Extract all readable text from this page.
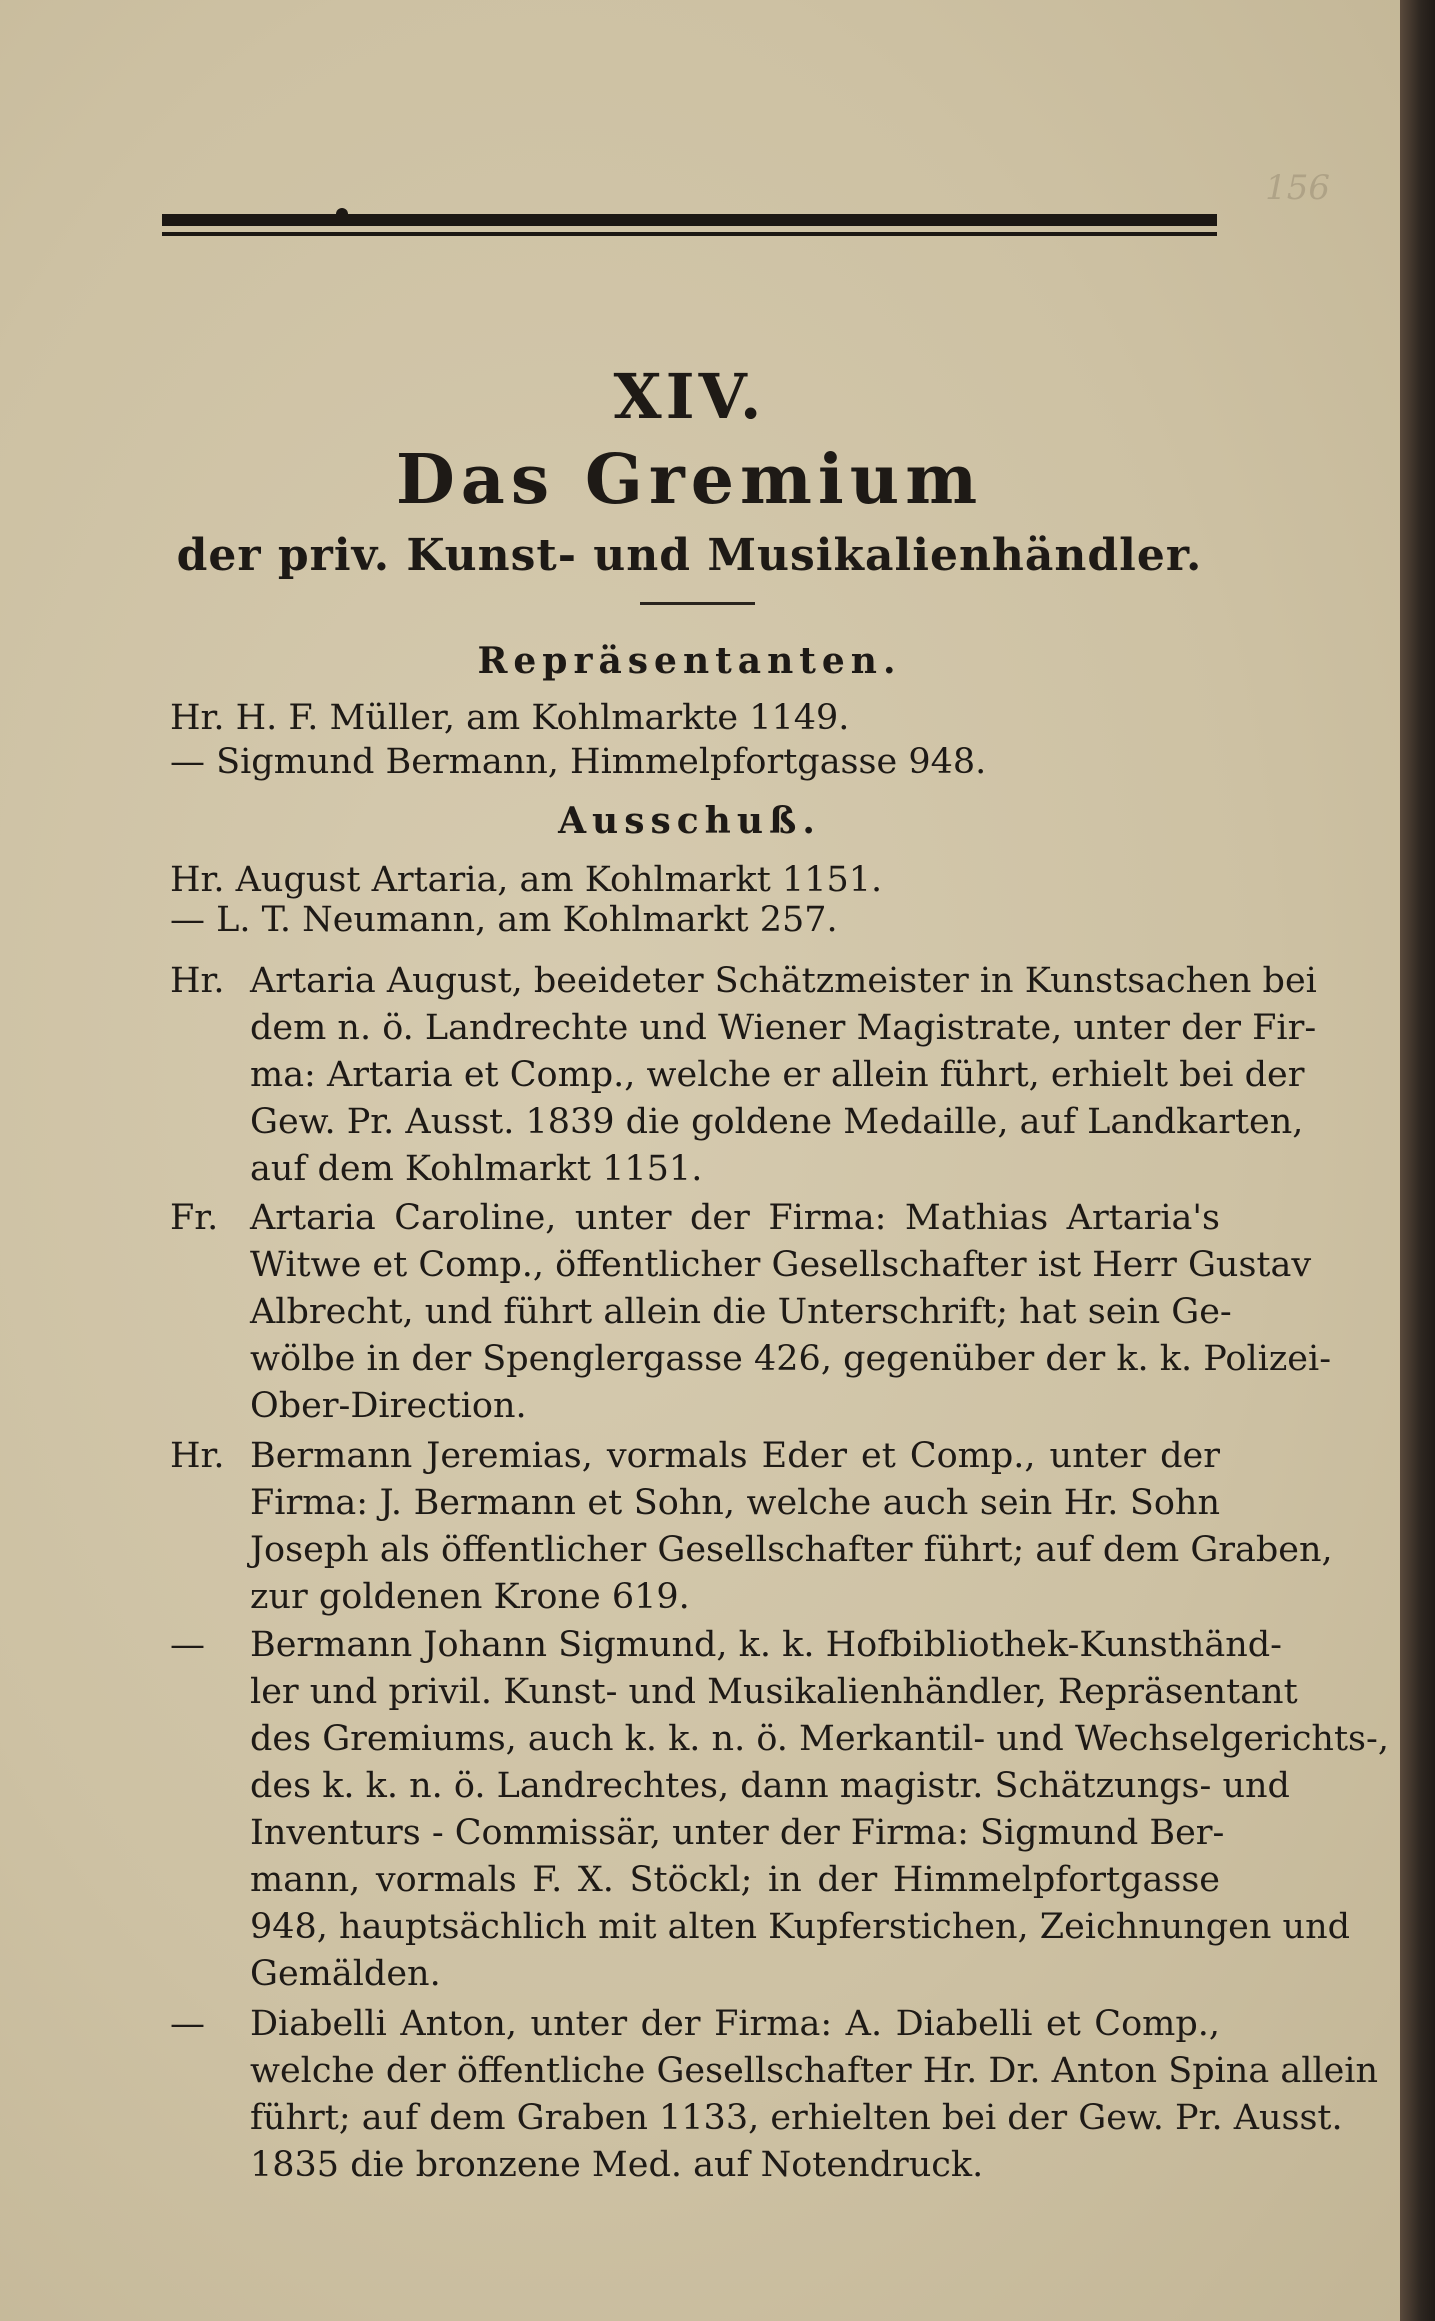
156
XIV.
Das Gremium
der priv. Kunst- und Musikalienhändler.
Repräsentanten.
Hr. H. F. Müller, am Kohlmarkte 1149.
— Sigmund Bermann, Himmelpfortgasse 948.
Ausschuß.
Hr. August Artaria, am Kohlmarkt 1151.
— L. T. Neumann, am Kohlmarkt 257.
Hr. Artaria August, beeideter Schätzmeister in Kunstsachen bei
dem n. ö. Landrechte und Wiener Magistrate, unter der Fir-
ma: Artaria et Comp., welche er allein führt, erhielt bei der
Gew. Pr. Ausst. 1839 die goldene Medaille, auf Landkarten,
auf dem Kohlmarkt 1151.
Fr. Artaria Caroline, unter der Firma: Mathias Artaria's
Witwe et Comp., öffentlicher Gesellschafter ist Herr Gustav
Albrecht, und führt allein die Unterschrift; hat sein Ge-
wölbe in der Spenglergasse 426, gegenüber der k. k. Polizei-
Ober-Direction.
Hr. Bermann Jeremias, vormals Eder et Comp., unter der
Firma: J. Bermann et Sohn, welche auch sein Hr. Sohn
Joseph als öffentlicher Gesellschafter führt; auf dem Graben,
zur goldenen Krone 619.
—	Bermann Johann Sigmund, k. k. Hofbibliothek-Kunsthänd-
ler und privil. Kunst- und Musikalienhändler, Repräsentant
des Gremiums, auch k. k. n. ö. Merkantil- und Wechselgerichts-,
des k. k. n. ö. Landrechtes, dann magistr. Schätzungs- und
Inventurs - Commissär, unter der Firma: Sigmund Ber-
mann, vormals F. X. Stöckl; in der Himmelpfortgasse
948, hauptsächlich mit alten Kupferstichen, Zeichnungen und
Gemälden.
—	Diabelli Anton, unter der Firma: A. Diabelli et Comp.,
welche der öffentliche Gesellschafter Hr. Dr. Anton Spina allein
führt; auf dem Graben 1133, erhielten bei der Gew. Pr. Ausst.
1835 die bronzene Med. auf Notendruck.
